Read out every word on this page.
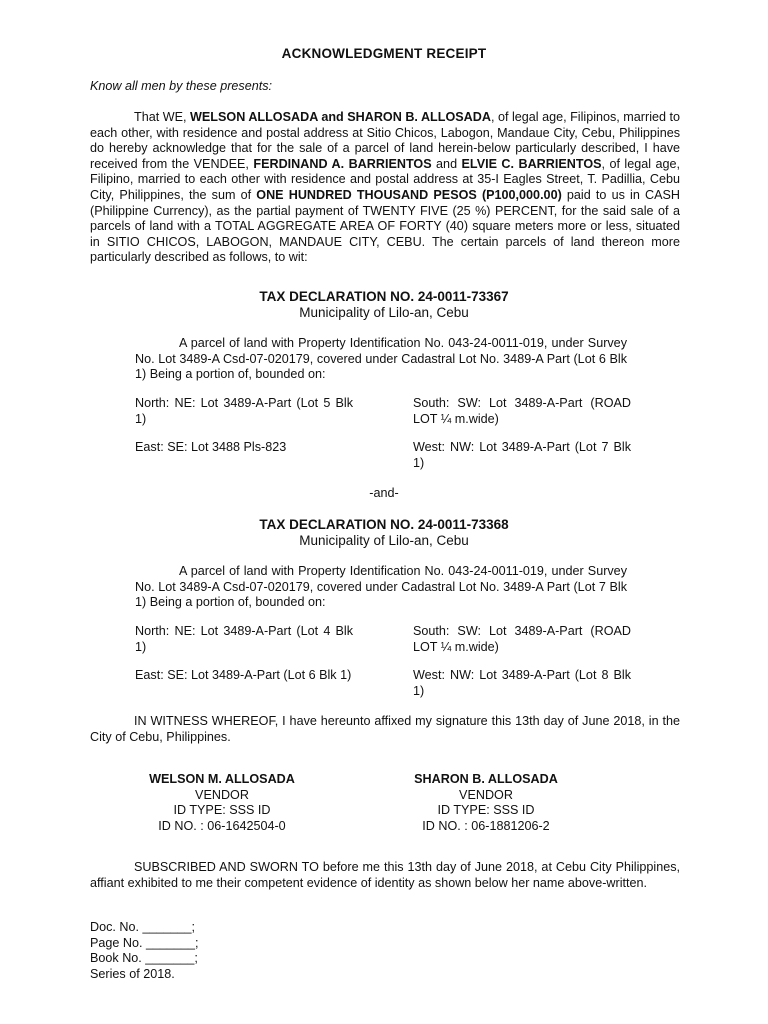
ACKNOWLEDGMENT RECEIPT
Know all men by these presents:
That WE, WELSON ALLOSADA and SHARON B. ALLOSADA, of legal age, Filipinos, married to each other, with residence and postal address at Sitio Chicos, Labogon, Mandaue City, Cebu, Philippines do hereby acknowledge that for the sale of a parcel of land herein-below particularly described, I have received from the VENDEE, FERDINAND A. BARRIENTOS and ELVIE C. BARRIENTOS, of legal age, Filipino, married to each other with residence and postal address at 35-I Eagles Street, T. Padillia, Cebu City, Philippines, the sum of ONE HUNDRED THOUSAND PESOS (P100,000.00) paid to us in CASH (Philippine Currency), as the partial payment of TWENTY FIVE (25 %) PERCENT, for the said sale of a parcels of land with a TOTAL AGGREGATE AREA OF FORTY (40) square meters more or less, situated in SITIO CHICOS, LABOGON, MANDAUE CITY, CEBU. The certain parcels of land thereon more particularly described as follows, to wit:
TAX DECLARATION NO. 24-0011-73367
Municipality of Lilo-an, Cebu
A parcel of land with Property Identification No. 043-24-0011-019, under Survey No. Lot 3489-A Csd-07-020179, covered under Cadastral Lot No. 3489-A Part (Lot 6 Blk 1) Being a portion of, bounded on:
North: NE: Lot 3489-A-Part (Lot 5 Blk 1)
South: SW: Lot 3489-A-Part (ROAD LOT ¼ m.wide)
East: SE: Lot 3488 Pls-823	West: NW: Lot 3489-A-Part (Lot 7 Blk 1)
-and-
TAX DECLARATION NO. 24-0011-73368
Municipality of Lilo-an, Cebu
A parcel of land with Property Identification No. 043-24-0011-019, under Survey No. Lot 3489-A Csd-07-020179, covered under Cadastral Lot No. 3489-A Part (Lot 7 Blk 1) Being a portion of, bounded on:
North: NE: Lot 3489-A-Part (Lot 4 Blk 1)
South: SW: Lot 3489-A-Part (ROAD LOT ¼ m.wide)
East: SE: Lot 3489-A-Part (Lot 6 Blk 1)	West: NW: Lot 3489-A-Part (Lot 8 Blk 1)
IN WITNESS WHEREOF, I have hereunto affixed my signature this 13th day of June 2018, in the City of Cebu, Philippines.
WELSON M. ALLOSADA
VENDOR
ID TYPE: SSS ID
ID NO. : 06-1642504-0
SHARON B. ALLOSADA
VENDOR
ID TYPE: SSS ID
ID NO. : 06-1881206-2
SUBSCRIBED AND SWORN TO before me this 13th day of June 2018, at Cebu City Philippines, affiant exhibited to me their competent evidence of identity as shown below her name above-written.
Doc. No. _______;
Page No. _______;
Book No. _______;
Series of 2018.
